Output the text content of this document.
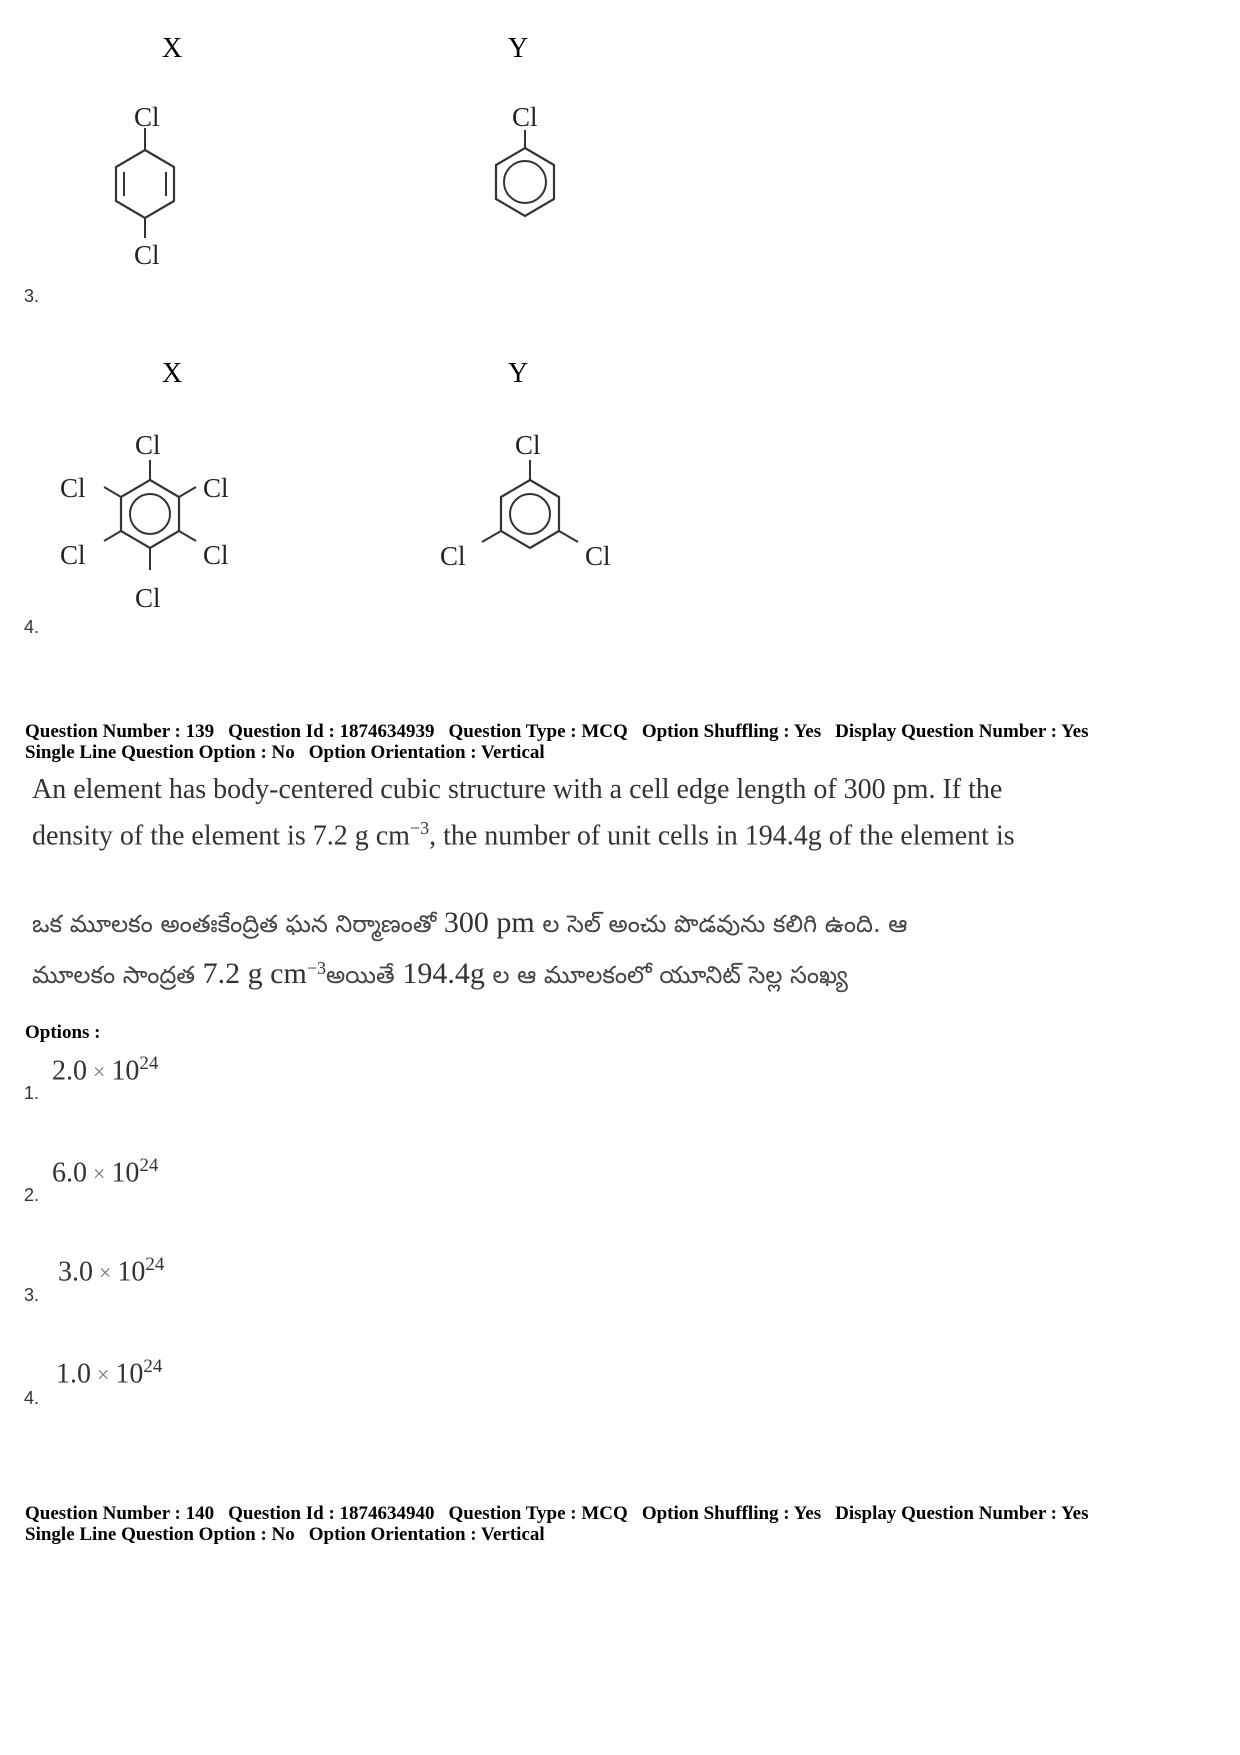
X	Y
Cl
Cl
Cl
3.
X	Y
Cl
Cl	Cl
Cl	Cl
Cl
Cl
Cl	Cl
4.
Question Number : 139 Question Id : 1874634939 Question Type : MCQ Option Shuffling : Yes Display Question Number : Yes
Single Line Question Option : No Option Orientation : Vertical
An element has body-centered cubic structure with a cell edge length of 300 pm. If the
density of the element is 7.2 g $cm^{-3}$, the number of unit cells in 194.4g of the element is
ఒక మూలకం అంతఃకేంద్రిత ఘన నిర్మాణంతో 300 pm ల సెల్ అంచు పొడవును కలిగి ఉంది. ఆ
మూలకం సాంద్రత 7.2 g $cm^{-3}అయితే$ 194.4g ల ఆ మూలకంలో యూనిట్ సెల్ల సంఖ్య
Options :
1.
$2.0 \times 10^{24}$
2.
$6.0 \times 10^{24}$
3.
$3.0 \times 10^{24}$
4.
$1.0 \times 10^{24}$
Question Number : 140 Question Id : 1874634940 Question Type : MCQ Option Shuffling : Yes Display Question Number : Yes
Single Line Question Option : No Option Orientation : Vertical
